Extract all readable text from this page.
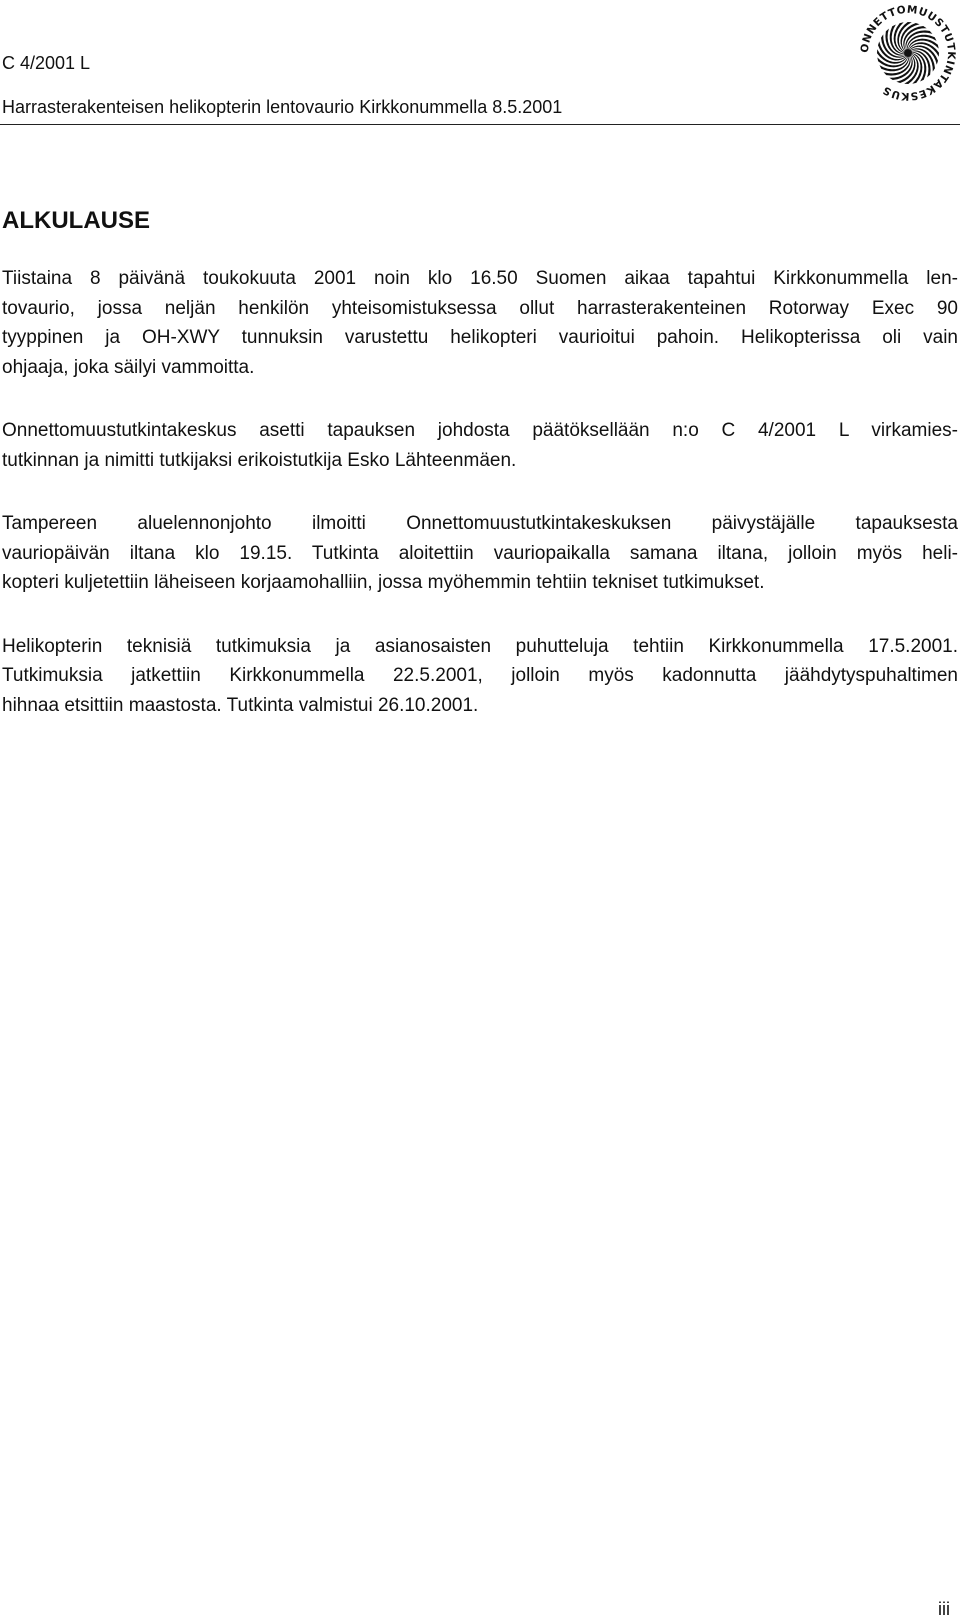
C 4/2001 L
Harrasterakenteisen helikopterin lentovaurio Kirkkonummella 8.5.2001
ONNETTOMUUSTUTKINTAKESKUS
ALKULAUSE

Tiistaina 8 päivänä toukokuuta 2001 noin klo 16.50 Suomen aikaa tapahtui Kirkkonummella len-
tovaurio, jossa neljän henkilön yhteisomistuksessa ollut harrasterakenteinen Rotorway Exec 90
tyyppinen ja OH-XWY tunnuksin varustettu helikopteri vaurioitui pahoin. Helikopterissa oli vain
ohjaaja, joka säilyi vammoitta.

Onnettomuustutkintakeskus asetti tapauksen johdosta päätöksellään n:o C 4/2001 L virkamies-
tutkinnan ja nimitti tutkijaksi erikoistutkija Esko Lähteenmäen.

Tampereen aluelennonjohto ilmoitti Onnettomuustutkintakeskuksen päivystäjälle tapauksesta
vauriopäivän iltana klo 19.15. Tutkinta aloitettiin vauriopaikalla samana iltana, jolloin myös heli-
kopteri kuljetettiin läheiseen korjaamohalliin, jossa myöhemmin tehtiin tekniset tutkimukset.

Helikopterin teknisiä tutkimuksia ja asianosaisten puhutteluja tehtiin Kirkkonummella 17.5.2001.
Tutkimuksia jatkettiin Kirkkonummella 22.5.2001, jolloin myös kadonnutta jäähdytyspuhaltimen
hihnaa etsittiin maastosta. Tutkinta valmistui 26.10.2001.

iii
